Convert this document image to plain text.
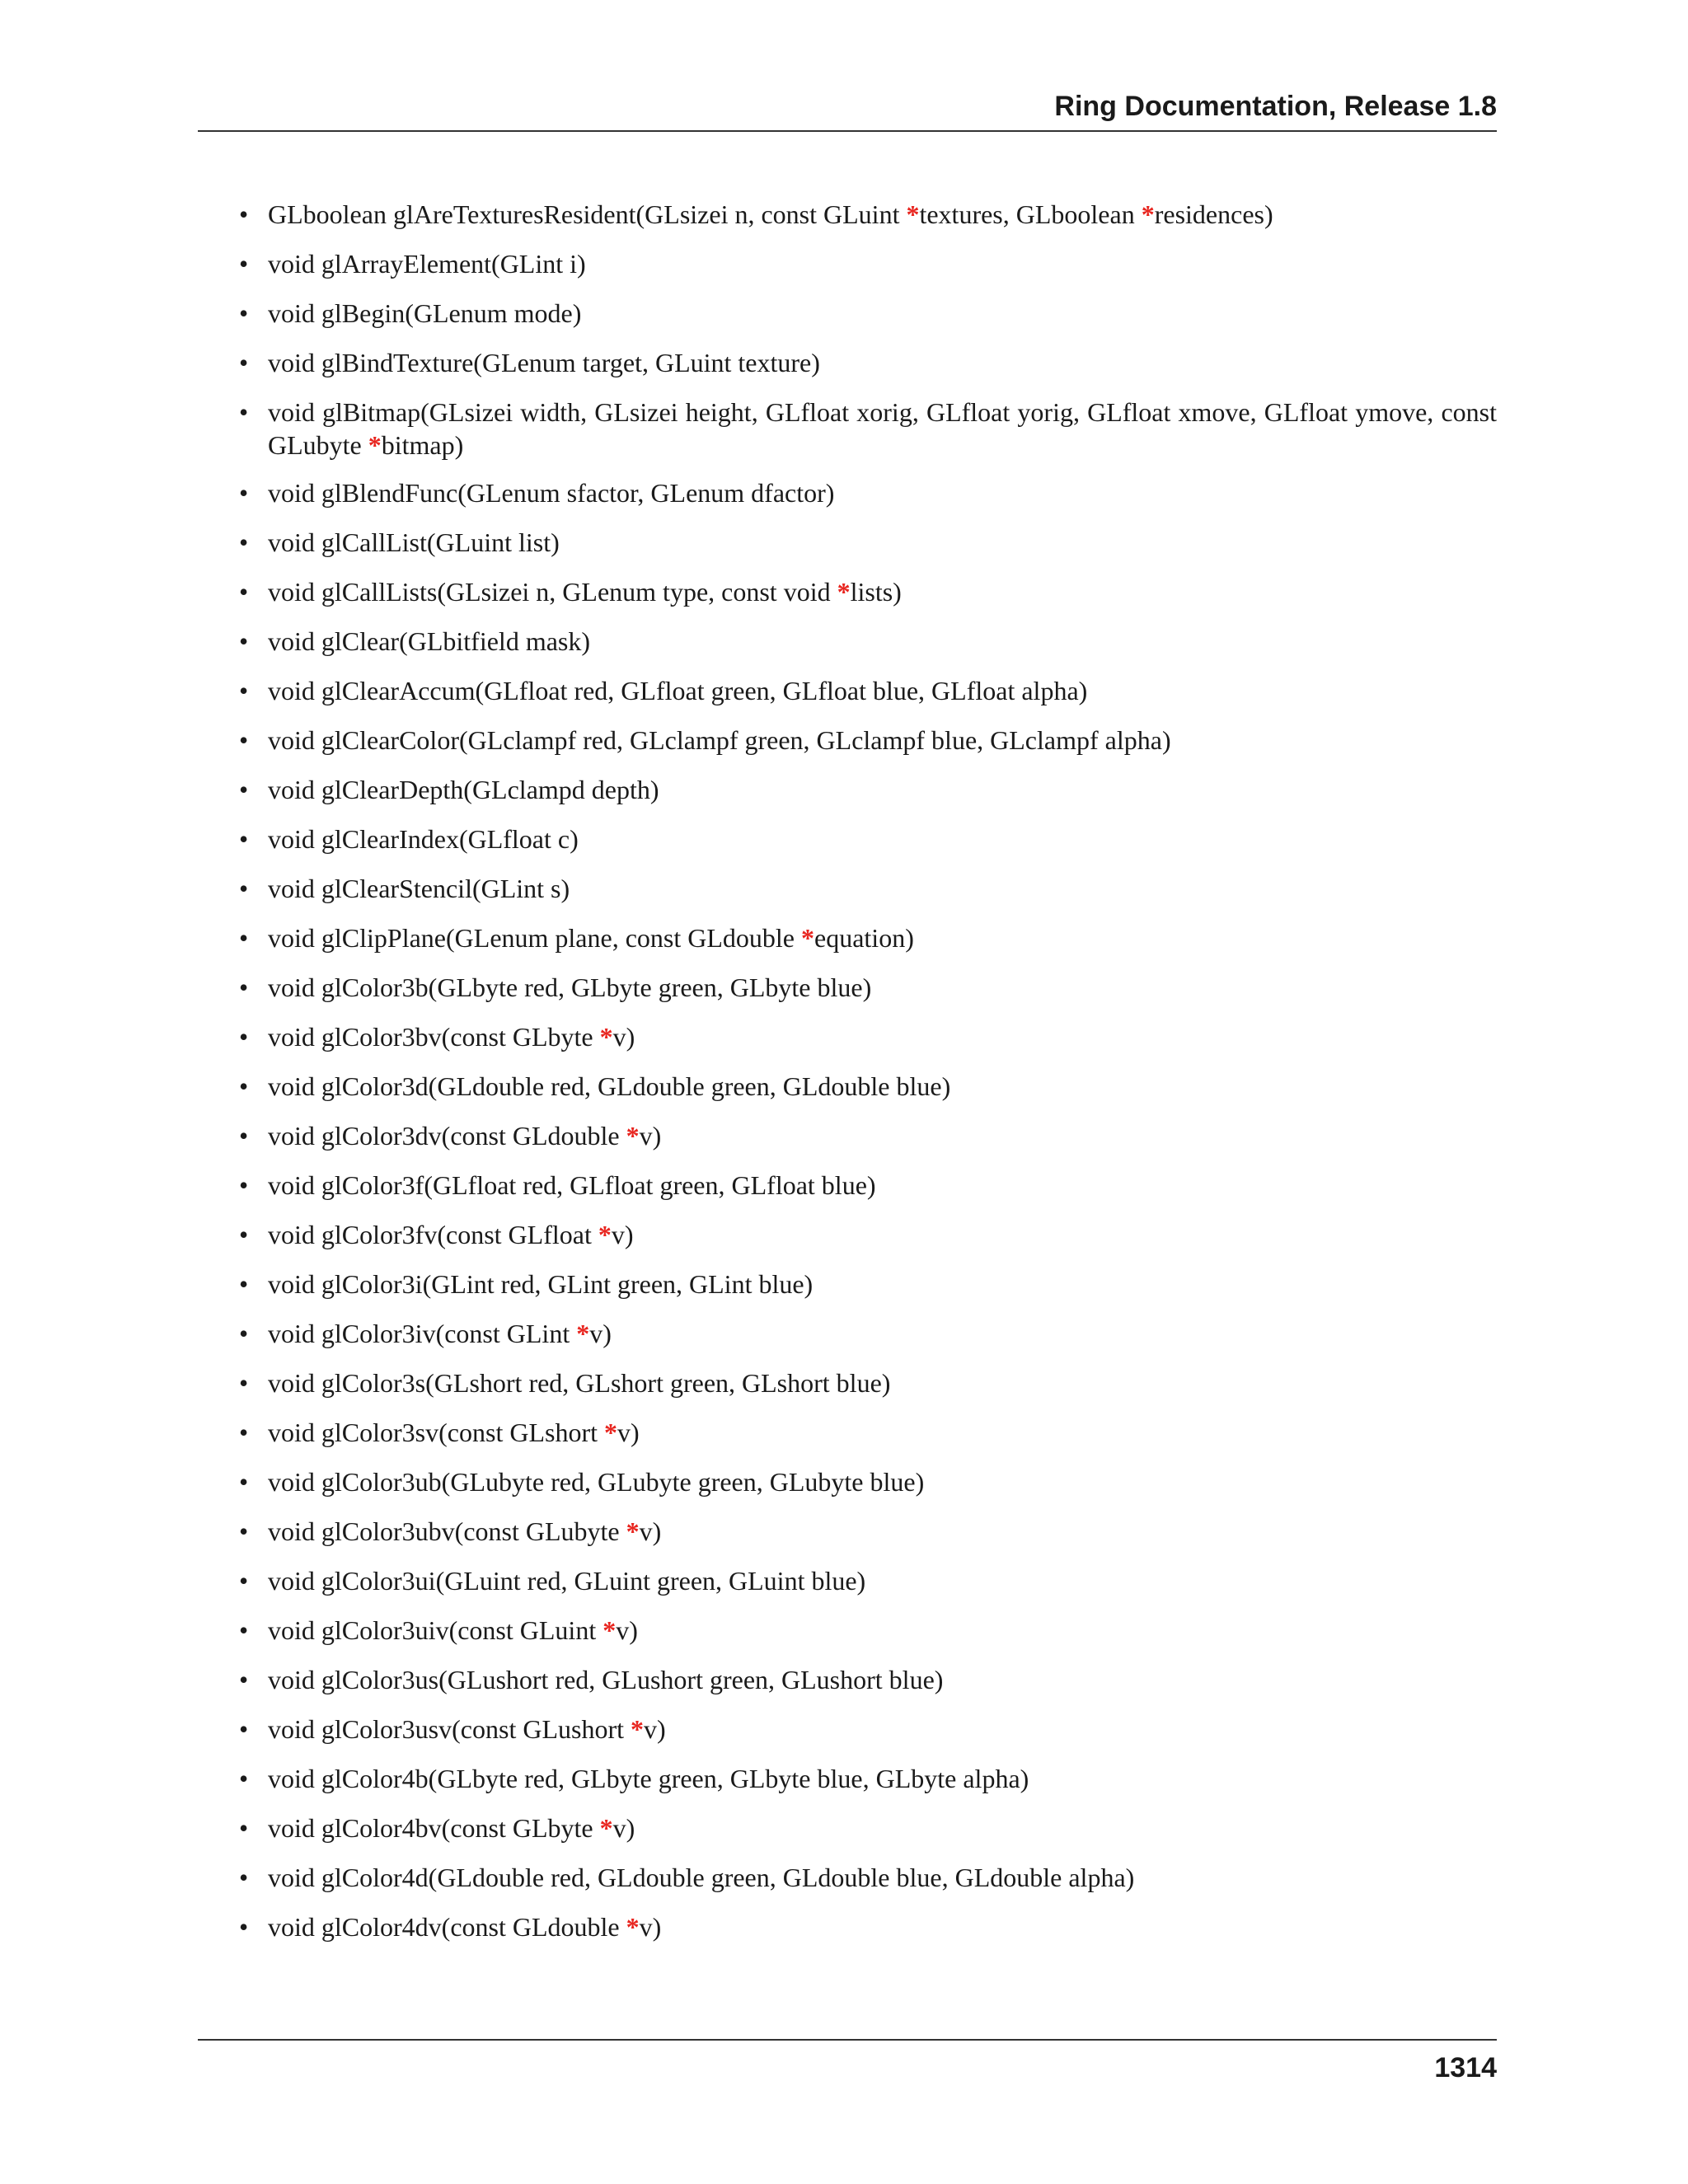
Ring Documentation, Release 1.8
• GLboolean glAreTexturesResident(GLsizei n, const GLuint *textures, GLboolean *residences)
• void glArrayElement(GLint i)
• void glBegin(GLenum mode)
• void glBindTexture(GLenum target, GLuint texture)
• void glBitmap(GLsizei width, GLsizei height, GLfloat xorig, GLfloat yorig, GLfloat xmove, GLfloat ymove, const GLubyte *bitmap)
• void glBlendFunc(GLenum sfactor, GLenum dfactor)
• void glCallList(GLuint list)
• void glCallLists(GLsizei n, GLenum type, const void *lists)
• void glClear(GLbitfield mask)
• void glClearAccum(GLfloat red, GLfloat green, GLfloat blue, GLfloat alpha)
• void glClearColor(GLclampf red, GLclampf green, GLclampf blue, GLclampf alpha)
• void glClearDepth(GLclampd depth)
• void glClearIndex(GLfloat c)
• void glClearStencil(GLint s)
• void glClipPlane(GLenum plane, const GLdouble *equation)
• void glColor3b(GLbyte red, GLbyte green, GLbyte blue)
• void glColor3bv(const GLbyte *v)
• void glColor3d(GLdouble red, GLdouble green, GLdouble blue)
• void glColor3dv(const GLdouble *v)
• void glColor3f(GLfloat red, GLfloat green, GLfloat blue)
• void glColor3fv(const GLfloat *v)
• void glColor3i(GLint red, GLint green, GLint blue)
• void glColor3iv(const GLint *v)
• void glColor3s(GLshort red, GLshort green, GLshort blue)
• void glColor3sv(const GLshort *v)
• void glColor3ub(GLubyte red, GLubyte green, GLubyte blue)
• void glColor3ubv(const GLubyte *v)
• void glColor3ui(GLuint red, GLuint green, GLuint blue)
• void glColor3uiv(const GLuint *v)
• void glColor3us(GLushort red, GLushort green, GLushort blue)
• void glColor3usv(const GLushort *v)
• void glColor4b(GLbyte red, GLbyte green, GLbyte blue, GLbyte alpha)
• void glColor4bv(const GLbyte *v)
• void glColor4d(GLdouble red, GLdouble green, GLdouble blue, GLdouble alpha)
• void glColor4dv(const GLdouble *v)
1314
